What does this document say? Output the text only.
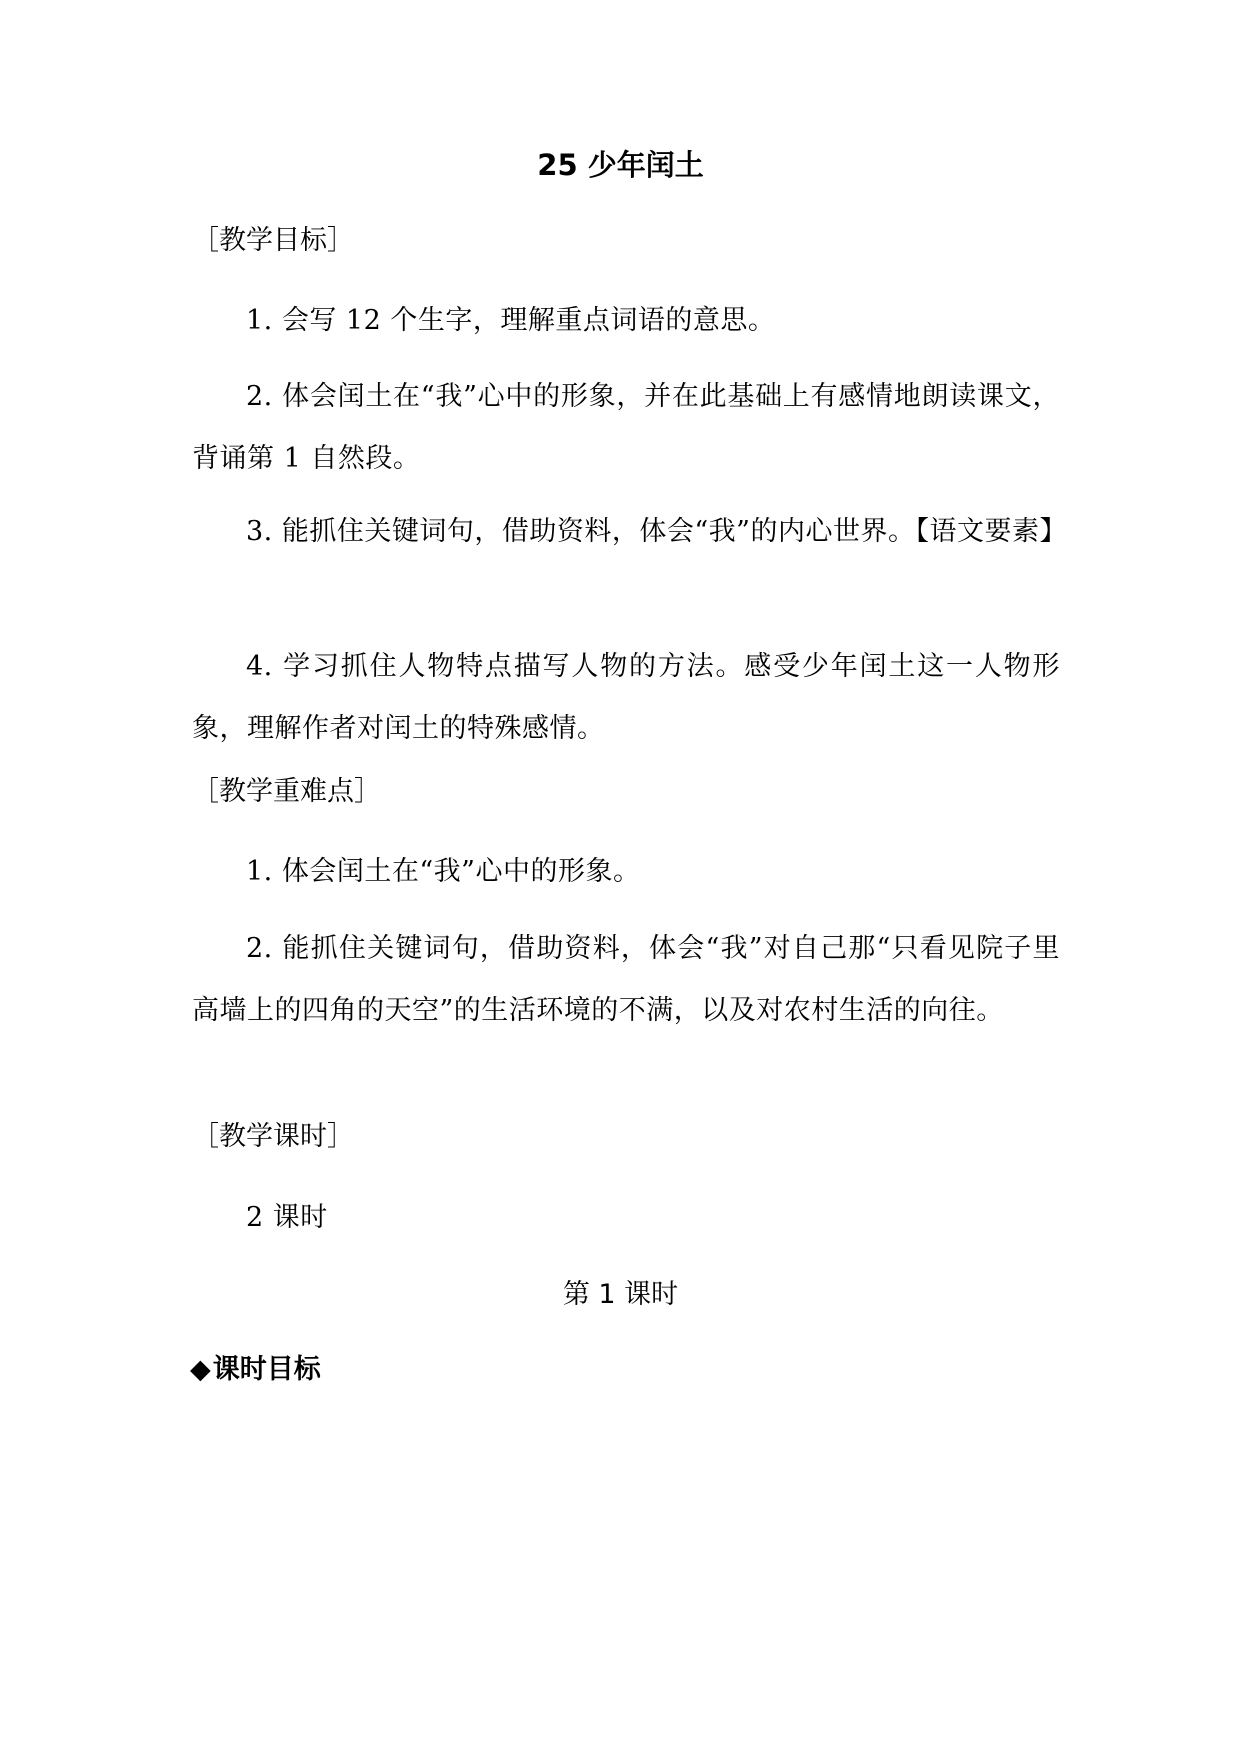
25 少年闰土
［教学目标］
1. 会写 12 个生字，理解重点词语的意思。
2. 体会闰土在“我”心中的形象，并在此基础上有感情地朗读课文，背诵第 1 自然段。
3. 能抓住关键词句，借助资料，体会“我”的内心世界。【语文要素】
4. 学习抓住人物特点描写人物的方法。感受少年闰土这一人物形象，理解作者对闰土的特殊感情。
［教学重难点］
1. 体会闰土在“我”心中的形象。
2. 能抓住关键词句，借助资料，体会“我”对自己那“只看见院子里高墙上的四角的天空”的生活环境的不满，以及对农村生活的向往。
［教学课时］
2 课时
第 1 课时
◆课时目标
